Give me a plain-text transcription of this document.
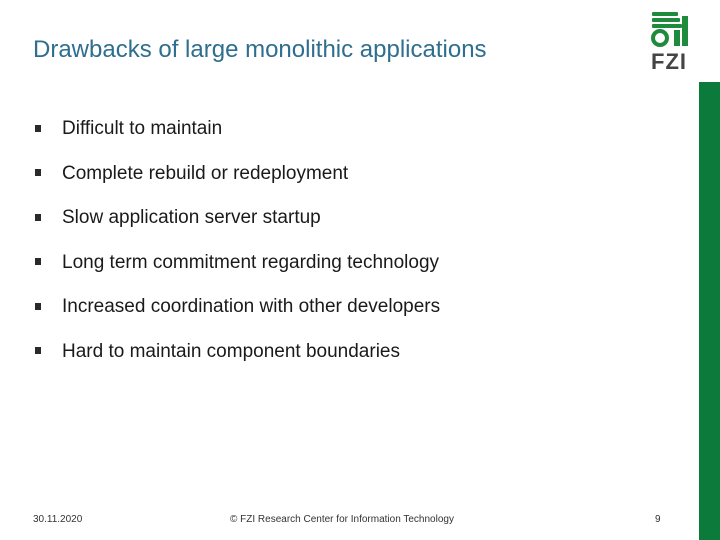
Drawbacks of large monolithic applications	FZI
Difficult to maintain
Complete rebuild or redeployment
Slow application server startup
Long term commitment regarding technology
Increased coordination with other developers
Hard to maintain component boundaries
30.11.2020	© FZI Research Center for Information Technology	9
